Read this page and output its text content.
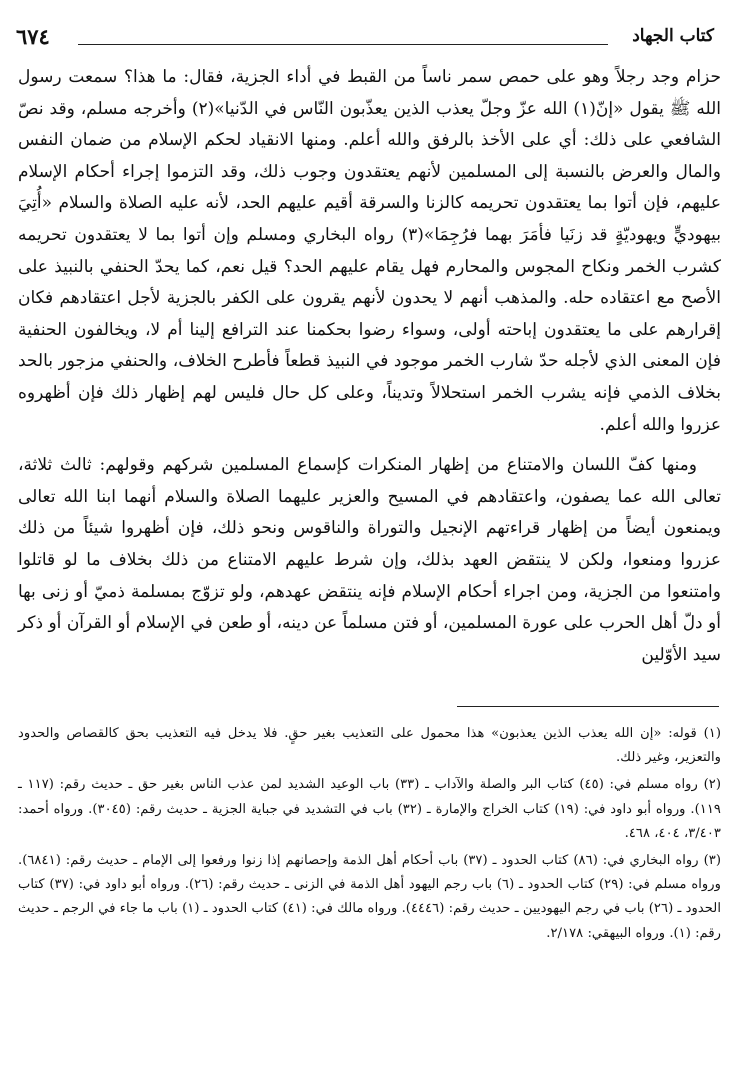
٦٧٤	كتاب الجهاد

حزام وجد رجلاً وهو على حمص سمر ناساً من القبط في أداء الجزية، فقال: ما هذا؟ سمعت رسول الله ﷺ يقول «إنّ(١) الله عزّ وجلّ يعذب الذين يعذّبون النّاس في الدّنيا»(٢) وأخرجه مسلم، وقد نصّ الشافعي على ذلك: أي على الأخذ بالرفق والله أعلم. ومنها الانقياد لحكم الإسلام من ضمان النفس والمال والعرض بالنسبة إلى المسلمين لأنهم يعتقدون وجوب ذلك، وقد التزموا إجراء أحكام الإسلام عليهم، فإن أتوا بما يعتقدون تحريمه كالزنا والسرقة أقيم عليهم الحد، لأنه عليه الصلاة والسلام «أُتِيَ بيهوديٍّ ويهوديّةٍ قد زنَيا فأمَرَ بهما فرُجِمَا»(٣) رواه البخاري ومسلم وإن أتوا بما لا يعتقدون تحريمه كشرب الخمر ونكاح المجوس والمحارم فهل يقام عليهم الحد؟ قيل نعم، كما يحدّ الحنفي بالنبيذ على الأصح مع اعتقاده حله. والمذهب أنهم لا يحدون لأنهم يقرون على الكفر بالجزية لأجل اعتقادهم فكان إقرارهم على ما يعتقدون إباحته أولى، وسواء رضوا بحكمنا عند الترافع إلينا أم لا، ويخالفون الحنفية فإن المعنى الذي لأجله حدّ شارب الخمر موجود في النبيذ قطعاً فأطرح الخلاف، والحنفي مزجور بالحد بخلاف الذمي فإنه يشرب الخمر استحلالاً وتديناً، وعلى كل حال فليس لهم إظهار ذلك فإن أظهروه عزروا والله أعلم.

ومنها كفّ اللسان والامتناع من إظهار المنكرات كإسماع المسلمين شركهم وقولهم: ثالث ثلاثة، تعالى الله عما يصفون، واعتقادهم في المسيح والعزير عليهما الصلاة والسلام أنهما ابنا الله تعالى ويمنعون أيضاً من إظهار قراءتهم الإنجيل والتوراة والناقوس ونحو ذلك، فإن أظهروا شيئاً من ذلك عزروا ومنعوا، ولكن لا ينتقض العهد بذلك، وإن شرط عليهم الامتناع من ذلك بخلاف ما لو قاتلوا وامتنعوا من الجزية، ومن اجراء أحكام الإسلام فإنه ينتقض عهدهم، ولو تزوّج بمسلمة ذميّ أو زنى بها أو دلّ أهل الحرب على عورة المسلمين، أو فتن مسلماً عن دينه، أو طعن في الإسلام أو القرآن أو ذكر سيد الأوّلين

(١) قوله: «إن الله يعذب الذين يعذبون» هذا محمول على التعذيب بغير حقٍ. فلا يدخل فيه التعذيب بحق كالقصاص والحدود والتعزير، وغير ذلك.

(٢) رواه مسلم في: (٤٥) كتاب البر والصلة والآداب ـ (٣٣) باب الوعيد الشديد لمن عذب الناس بغير حق ـ حديث رقم: (١١٧ ـ ١١٩). ورواه أبو داود في: (١٩) كتاب الخراج والإمارة ـ (٣٢) باب في التشديد في جباية الجزية ـ حديث رقم: (٣٠٤٥). ورواه أحمد: ٣/٤٠٣، ٤٠٤، ٤٦٨.

(٣) رواه البخاري في: (٨٦) كتاب الحدود ـ (٣٧) باب أحكام أهل الذمة وإحصانهم إذا زنوا ورفعوا إلى الإمام ـ حديث رقم: (٦٨٤١). ورواه مسلم في: (٢٩) كتاب الحدود ـ (٦) باب رجم اليهود أهل الذمة في الزنى ـ حديث رقم: (٢٦). ورواه أبو داود في: (٣٧) كتاب الحدود ـ (٢٦) باب في رجم اليهوديين ـ حديث رقم: (٤٤٤٦). ورواه مالك في: (٤١) كتاب الحدود ـ (١) باب ما جاء في الرجم ـ حديث رقم: (١). ورواه البيهقي: ٢/١٧٨.
